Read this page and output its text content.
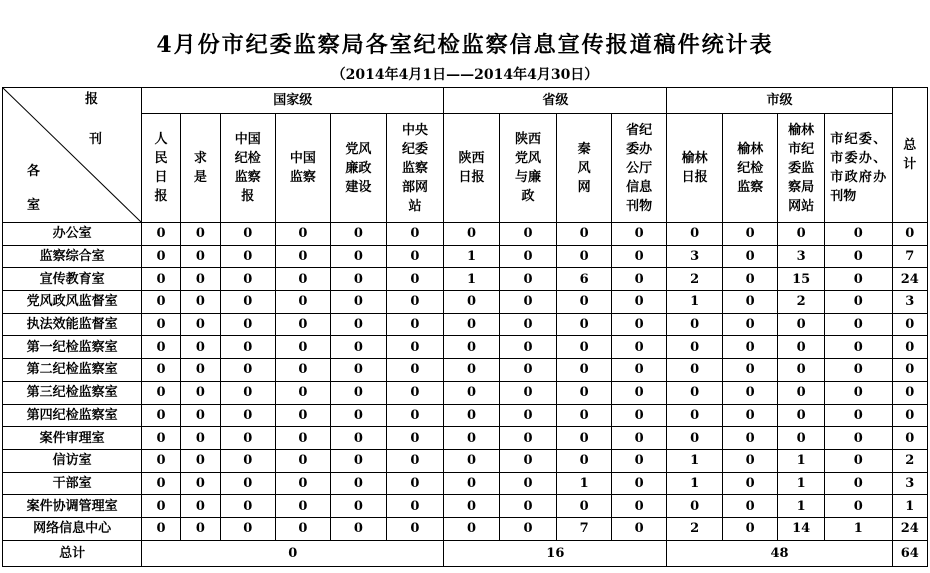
4月份市纪委监察局各室纪检监察信息宣传报道稿件统计表
（2014年4月1日——2014年4月30日）
报
刊
各
室	国家级						省级				市级				总计
	人民日报	求是	中国纪检监察报	中国监察	党风廉政建设	中央纪委监察部网站	陕西日报	陕西党风与廉政	秦风网	省纪委办公厅信息刊物	榆林日报	榆林纪检监察	榆林市纪委监察局网站	市纪委、市委办、市政府办刊物	
办公室	0	0	0	0	0	0	0	0	0	0	0	0	0	0	0
监察综合室	0	0	0	0	0	0	1	0	0	0	3	0	3	0	7
宣传教育室	0	0	0	0	0	0	1	0	6	0	2	0	15	0	24
党风政风监督室	0	0	0	0	0	0	0	0	0	0	1	0	2	0	3
执法效能监督室	0	0	0	0	0	0	0	0	0	0	0	0	0	0	0
第一纪检监察室	0	0	0	0	0	0	0	0	0	0	0	0	0	0	0
第二纪检监察室	0	0	0	0	0	0	0	0	0	0	0	0	0	0	0
第三纪检监察室	0	0	0	0	0	0	0	0	0	0	0	0	0	0	0
第四纪检监察室	0	0	0	0	0	0	0	0	0	0	0	0	0	0	0
案件审理室	0	0	0	0	0	0	0	0	0	0	0	0	0	0	0
信访室	0	0	0	0	0	0	0	0	0	0	1	0	1	0	2
干部室	0	0	0	0	0	0	0	0	1	0	1	0	1	0	3
案件协调管理室	0	0	0	0	0	0	0	0	0	0	0	0	1	0	1
网络信息中心	0	0	0	0	0	0	0	0	7	0	2	0	14	1	24
总计	0						16				48				64
